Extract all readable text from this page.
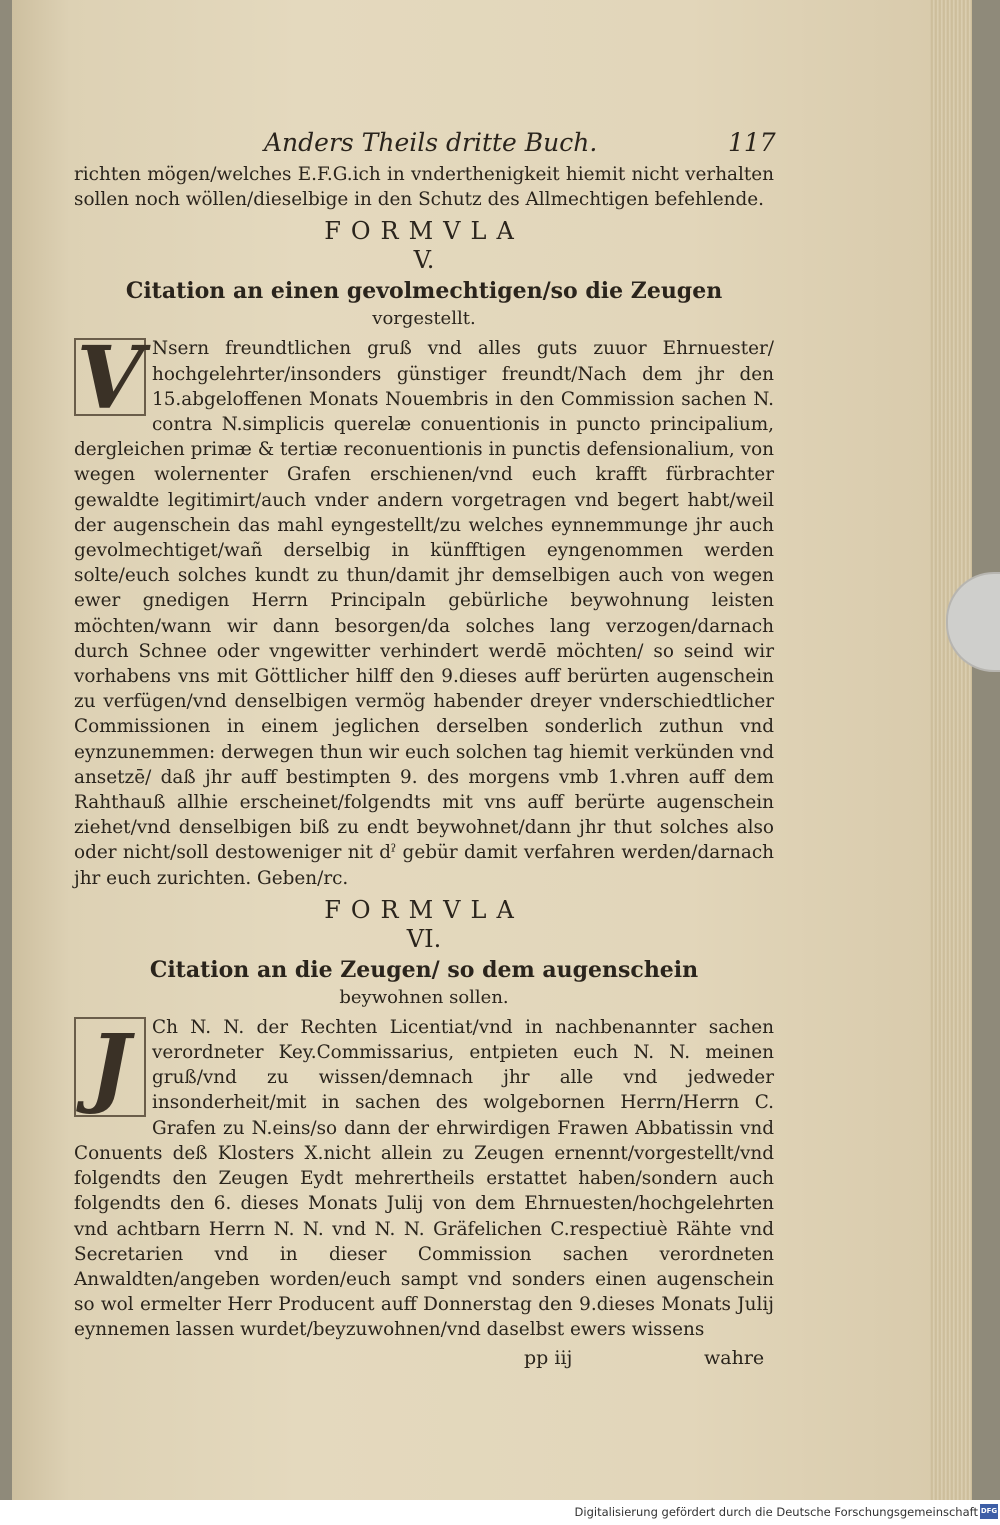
Anders Theils dritte Buch.	117

richten mögen/welches E.F.G.ich in vnderthenigkeit hiemit nicht verhalten sollen noch wöllen/dieselbige in den Schutz des Allmechtigen befehlende.

FORMVLA
V.
Citation an einen gevolmechtigen/so die Zeugen
vorgestellt.
V Nsern freundtlichen gruß vnd alles guts zuuor Ehrnuester/ hochgelehrter/insonders günstiger freundt/Nach dem jhr den 15.abgeloffenen Monats Nouembris in den Commission sachen N. contra N.simplicis querelæ conuentionis in puncto principalium, dergleichen primæ & tertiæ reconuentionis in punctis defensionalium, von wegen wolernenter Grafen erschienen/vnd euch krafft fürbrachter gewaldte legitimirt/auch vnder andern vorgetragen vnd begert habt/weil der augenschein das mahl eyngestellt/zu welches eynnemmunge jhr auch gevolmechtiget/wañ derselbig in künfftigen eyngenommen werden solte/euch solches kundt zu thun/damit jhr demselbigen auch von wegen ewer gnedigen Herrn Principaln gebürliche beywohnung leisten möchten/wann wir dann besorgen/da solches lang verzogen/darnach durch Schnee oder vngewitter verhindert werdē möchten/ so seind wir vorhabens vns mit Göttlicher hilff den 9.dieses auff berürten augenschein zu verfügen/vnd denselbigen vermög habender dreyer vnderschiedtlicher Commissionen in einem jeglichen derselben sonderlich zuthun vnd eynzunemmen: derwegen thun wir euch solchen tag hiemit verkünden vnd ansetzē/ daß jhr auff bestimpten 9. des morgens vmb 1.vhren auff dem Rahthauß allhie erscheinet/folgendts mit vns auff berürte augenschein ziehet/vnd denselbigen biß zu endt beywohnet/dann jhr thut solches also oder nicht/soll destoweniger nit dˀ gebür damit verfahren werden/darnach jhr euch zurichten. Geben/rc.

FORMVLA
VI.
Citation an die Zeugen/ so dem augenschein
beywohnen sollen.
J	Ch N. N. der Rechten Licentiat/vnd in nachbenannter sachen verordneter Key.Commissarius, entpieten euch N. N. meinen gruß/vnd zu wissen/demnach jhr alle vnd jedweder insonderheit/mit in sachen des wolgebornen Herrn/Herrn C. Grafen zu N.eins/so dann der ehrwirdigen Frawen Abbatissin vnd Conuents deß Klosters X.nicht allein zu Zeugen ernennt/vorgestellt/vnd folgendts den Zeugen Eydt mehrertheils erstattet haben/sondern auch folgendts den 6. dieses Monats Julij von dem Ehrnuesten/hochgelehrten vnd achtbarn Herrn N. N. vnd N. N. Gräfelichen C.respectiuè Rähte vnd Secretarien vnd in dieser Commission sachen verordneten Anwaldten/angeben worden/euch sampt vnd sonders einen augenschein so wol ermelter Herr Producent auff Donnerstag den 9.dieses Monats Julij eynnemen lassen wurdet/beyzuwohnen/vnd daselbst ewers wissens

pp iij	wahre
Digitalisierung gefördert durch die Deutsche Forschungsgemeinschaft DFG
